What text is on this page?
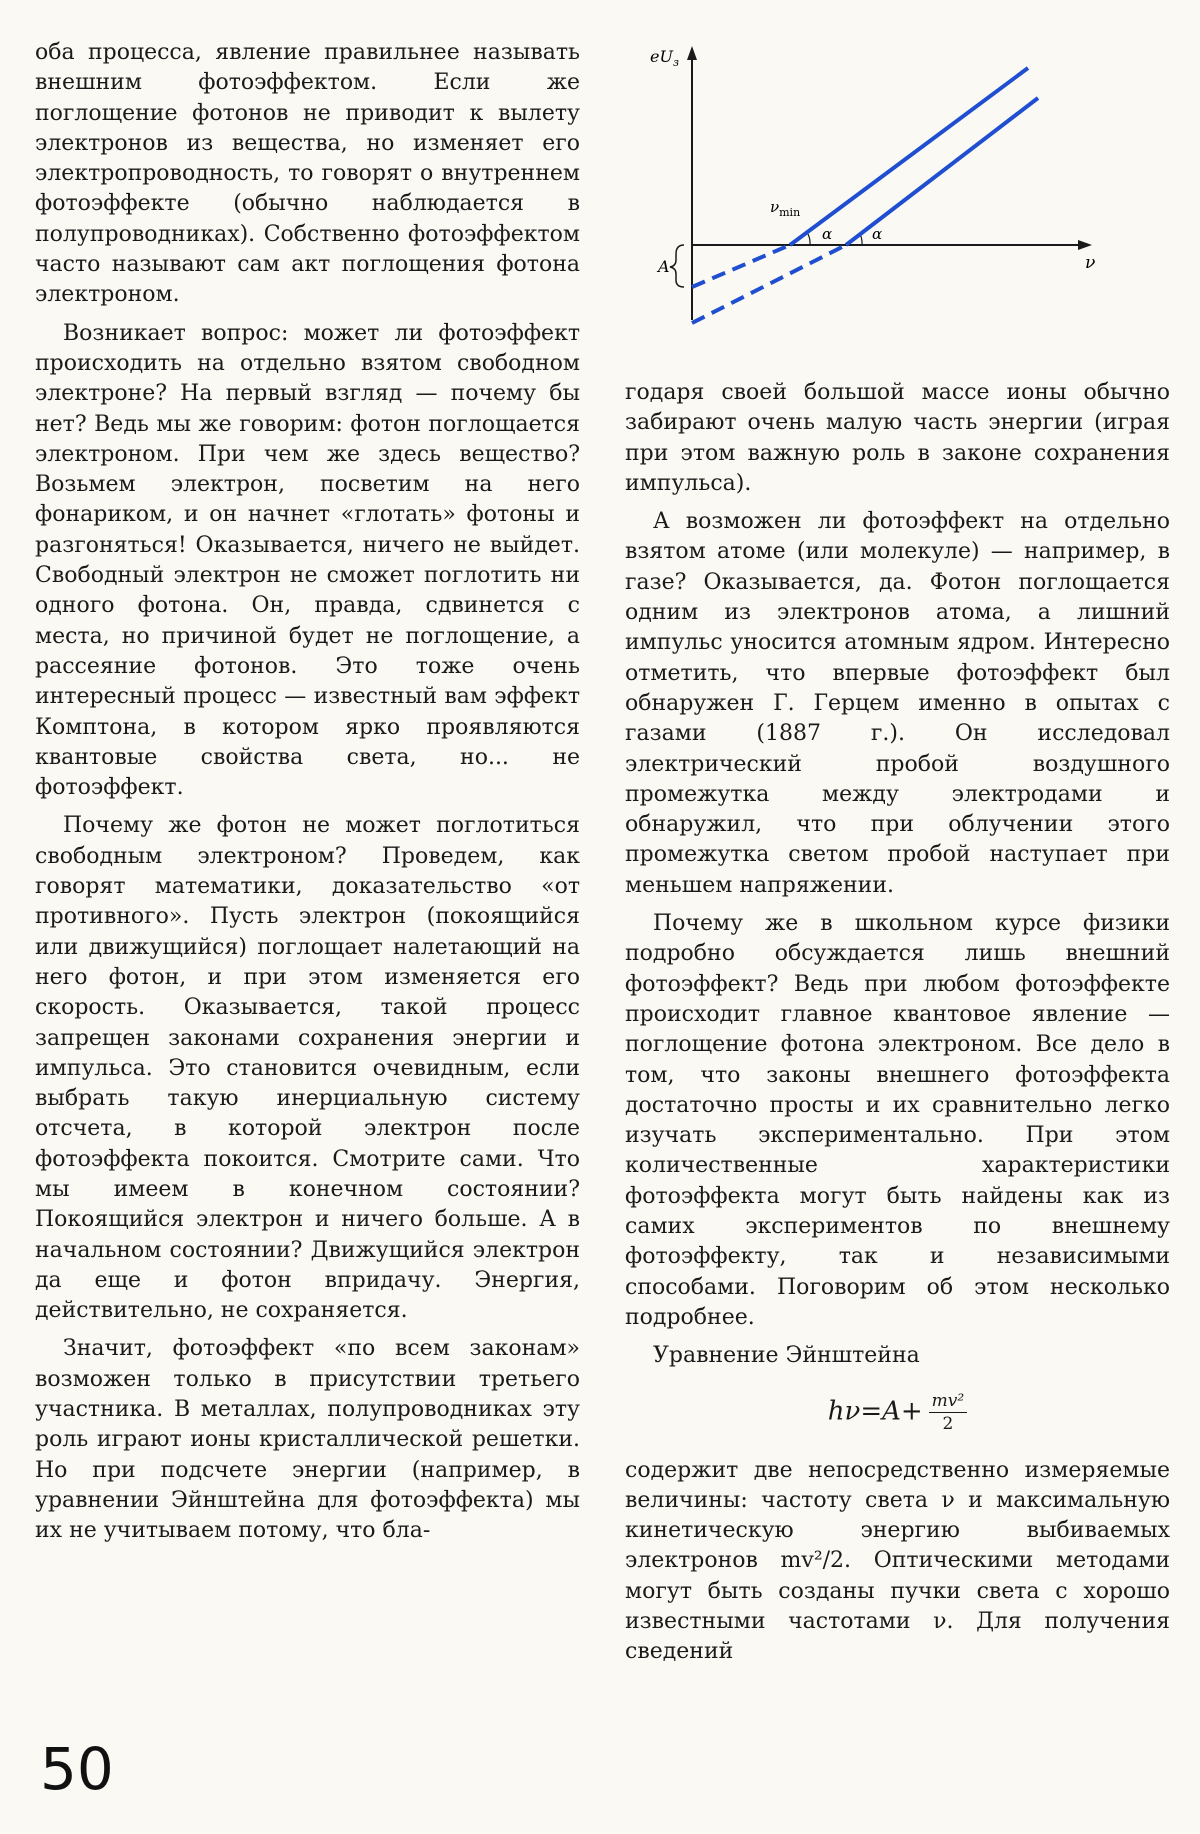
оба процесса, явление правильнее называть внешним фотоэффектом. Если же поглощение фотонов не приводит к вылету электронов из вещества, но изменяет его электропроводность, то говорят о внутреннем фотоэффекте (обычно наблюдается в полупроводниках). Собственно фотоэффектом часто называют сам акт поглощения фотона электроном.

Возникает вопрос: может ли фотоэффект происходить на отдельно взятом свободном электроне? На первый взгляд — почему бы нет? Ведь мы же говорим: фотон поглощается электроном. При чем же здесь вещество? Возьмем электрон, посветим на него фонариком, и он начнет «глотать» фотоны и разгоняться! Оказывается, ничего не выйдет. Свободный электрон не сможет поглотить ни одного фотона. Он, правда, сдвинется с места, но причиной будет не поглощение, а рассеяние фотонов. Это тоже очень интересный процесс — известный вам эффект Комптона, в котором ярко проявляются квантовые свойства света, но... не фотоэффект.

Почему же фотон не может поглотиться свободным электроном? Проведем, как говорят математики, доказательство «от противного». Пусть электрон (покоящийся или движущийся) поглощает налетающий на него фотон, и при этом изменяется его скорость. Оказывается, такой процесс запрещен законами сохранения энергии и импульса. Это становится очевидным, если выбрать такую инерциальную систему отсчета, в которой электрон после фотоэффекта покоится. Смотрите сами. Что мы имеем в конечном состоянии? Покоящийся электрон и ничего больше. А в начальном состоянии? Движущийся электрон да еще и фотон впридачу. Энергия, действительно, не сохраняется.

Значит, фотоэффект «по всем законам» возможен только в присутствии третьего участника. В металлах, полупроводниках эту роль играют ионы кристаллической решетки. Но при подсчете энергии (например, в уравнении Эйнштейна для фотоэффекта) мы их не учитываем потому, что бла-

$eU_з$
ν
$\nu_{min}$
α	α
A

годаря своей большой массе ионы обычно забирают очень малую часть энергии (играя при этом важную роль в законе сохранения импульса).

А возможен ли фотоэффект на отдельно взятом атоме (или молекуле) — например, в газе? Оказывается, да. Фотон поглощается одним из электронов атома, а лишний импульс уносится атомным ядром. Интересно отметить, что впервые фотоэффект был обнаружен Г. Герцем именно в опытах с газами (1887 г.). Он исследовал электрический пробой воздушного промежутка между электродами и обнаружил, что при облучении этого промежутка светом пробой наступает при меньшем напряжении.

Почему же в школьном курсе физики подробно обсуждается лишь внешний фотоэффект? Ведь при любом фотоэффекте происходит главное квантовое явление — поглощение фотона электроном. Все дело в том, что законы внешнего фотоэффекта достаточно просты и их сравнительно легко изучать экспериментально. При этом количественные характеристики фотоэффекта могут быть найдены как из самих экспериментов по внешнему фотоэффекту, так и независимыми способами. Поговорим об этом несколько подробнее.

Уравнение Эйнштейна

$h\nu=A+ \frac{\text{mv²}}{2}$

содержит две непосредственно измеряемые величины: частоту света ν и максимальную кинетическую энергию выбиваемых электронов mv²/2. Оптическими методами могут быть созданы пучки света с хорошо известными частотами ν. Для получения сведений

50
